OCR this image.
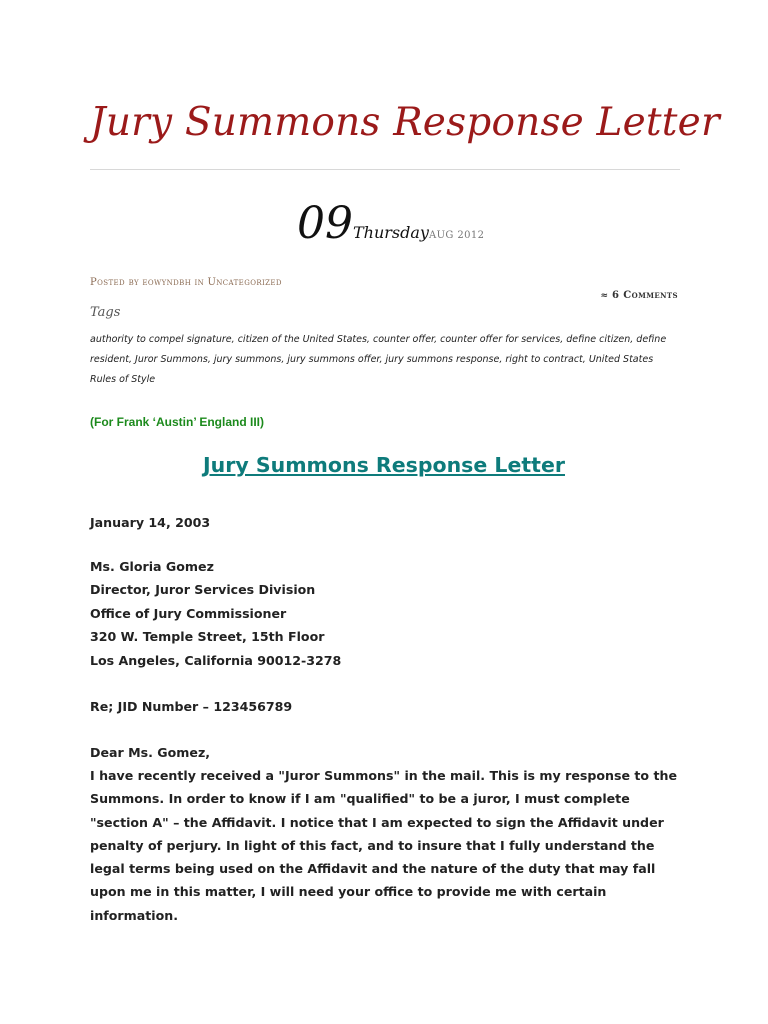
Jury Summons Response Letter
09ThursdayAUG 2012
Posted by eowyndbh in Uncategorized
≈ 6 Comments
Tags
authority to compel signature, citizen of the United States, counter offer, counter offer for services, define citizen, define resident, Juror Summons, jury summons, jury summons offer, jury summons response, right to contract, United States Rules of Style
(For Frank ‘Austin’ England III)
Jury Summons Response Letter
January 14, 2003
Ms. Gloria Gomez
Director, Juror Services Division
Office of Jury Commissioner
320 W. Temple Street, 15th Floor
Los Angeles, California 90012-3278
Re; JID Number – 123456789
Dear Ms. Gomez,
I have recently received a "Juror Summons" in the mail. This is my response to the
Summons. In order to know if I am "qualified" to be a juror, I must complete
"section A" – the Affidavit. I notice that I am expected to sign the Affidavit under
penalty of perjury. In light of this fact, and to insure that I fully understand the
legal terms being used on the Affidavit and the nature of the duty that may fall
upon me in this matter, I will need your office to provide me with certain
information.
